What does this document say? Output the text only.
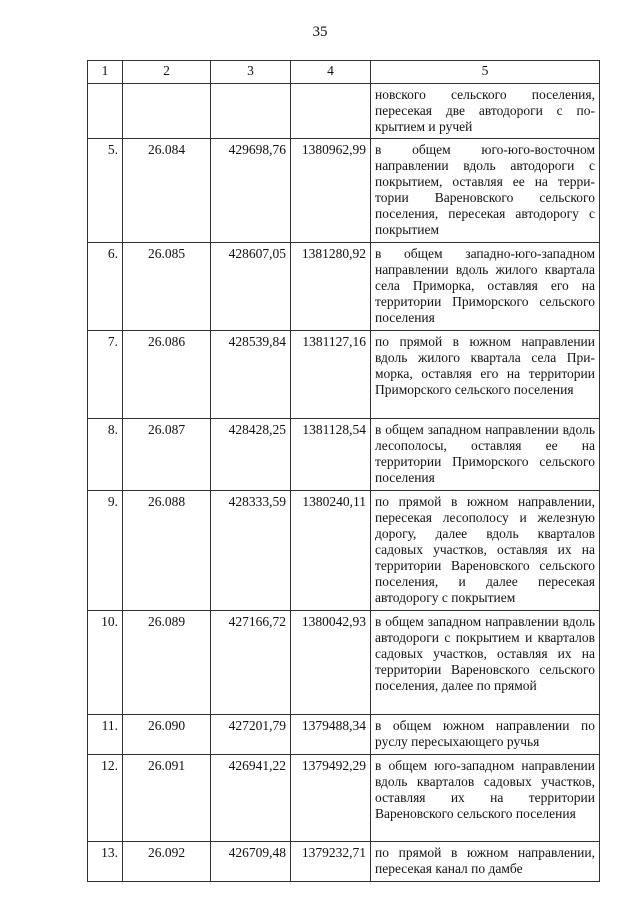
35
1	2	3	4	5
				новского сельского поселения, пересекая две автодороги с покрытием и ручей
5.	26.084	429698,76	1380962,99	в общем юго-юго-восточном направлении вдоль автодороги с покрытием, оставляя ее на территории Вареновского сельского поселения, пересекая автодорогу с покрытием
6.	26.085	428607,05	1381280,92	в общем западно-юго-западном направлении вдоль жилого квартала села Приморка, оставляя его на территории Приморского сельского поселения
7.	26.086	428539,84	1381127,16	по прямой в южном направлении вдоль жилого квартала села Приморка, оставляя его на территории Приморского сельского поселения
8.	26.087	428428,25	1381128,54	в общем западном направлении вдоль лесополосы, оставляя ее на территории Приморского сельского поселения
9.	26.088	428333,59	1380240,11	по прямой в южном направлении, пересекая лесополосу и железную дорогу, далее вдоль кварталов садовых участков, оставляя их на территории Вареновского сельского поселения, и далее пересекая автодорогу с покрытием
10.	26.089	427166,72	1380042,93	в общем западном направлении вдоль автодороги с покрытием и кварталов садовых участков, оставляя их на территории Вареновского сельского поселения, далее по прямой
11.	26.090	427201,79	1379488,34	в общем южном направлении по руслу пересыхающего ручья
12.	26.091	426941,22	1379492,29	в общем юго-западном направлении вдоль кварталов садовых участков, оставляя их на территории Вареновского сельского поселения
13.	26.092	426709,48	1379232,71	по прямой в южном направлении, пересекая канал по дамбе
